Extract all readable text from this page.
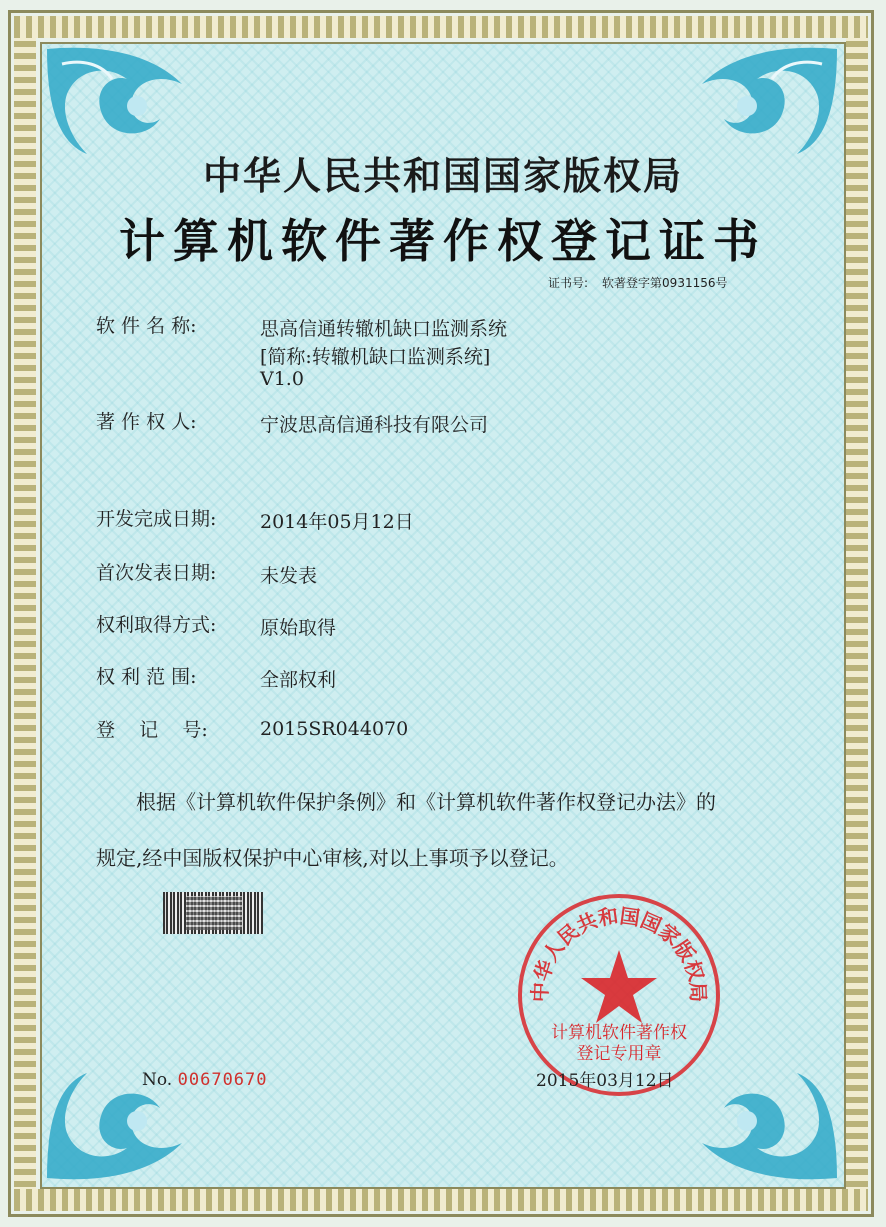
中华人民共和国国家版权局
计算机软件著作权登记证书
证书号: 软著登字第0931156号
软 件 名 称:	思高信通转辙机缺口监测系统
[简称:转辙机缺口监测系统]
V1.0
著 作 权 人:	宁波思高信通科技有限公司
开发完成日期:	2014年05月12日
首次发表日期:	未发表
权利取得方式:	原始取得
权 利 范 围:	全部权利
登    记    号:	2015SR044070
根据《计算机软件保护条例》和《计算机软件著作权登记办法》的
规定,经中国版权保护中心审核,对以上事项予以登记。
中华人民共和国国家版权局
计算机软件著作权
登记专用章
No. 00670670	2015年03月12日
